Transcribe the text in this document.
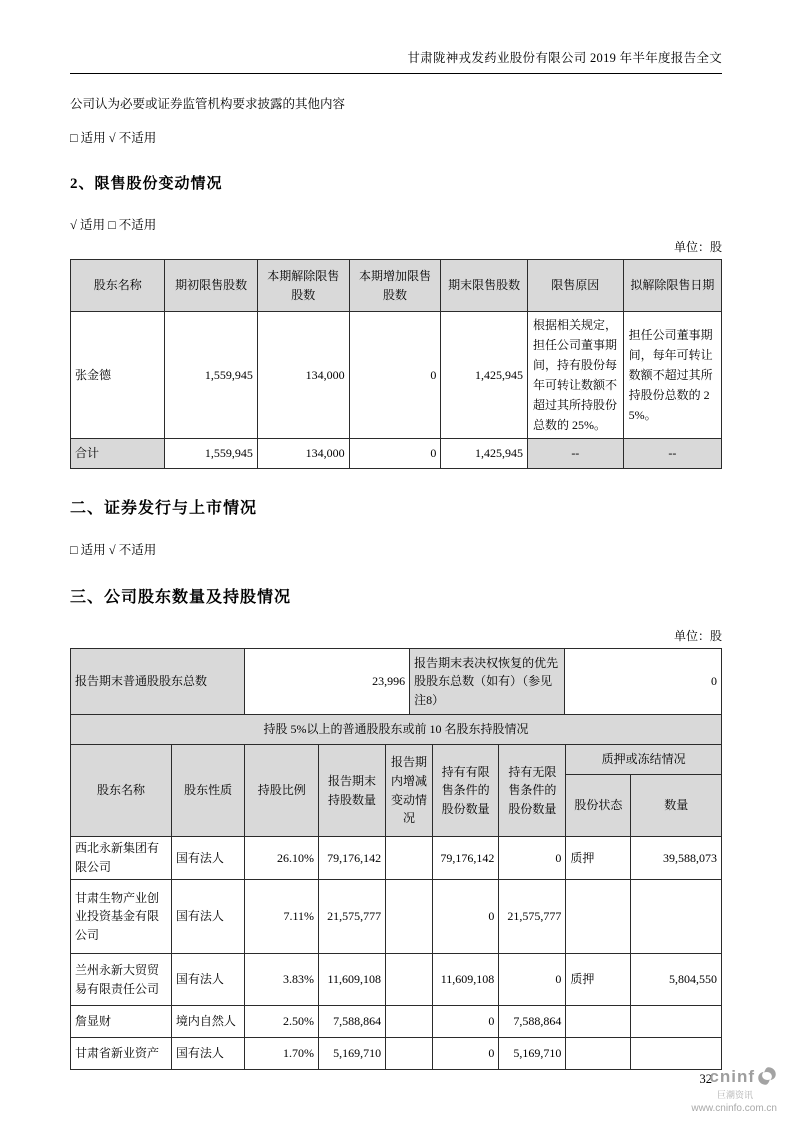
甘肃陇神戎发药业股份有限公司 2019 年半年度报告全文

公司认为必要或证券监管机构要求披露的其他内容

□ 适用 √ 不适用

2、限售股份变动情况

√ 适用 □ 不适用

单位：股
股东名称	期初限售股数	本期解除限售股数	本期增加限售股数	期末限售股数	限售原因	拟解除限售日期
张金德	1,559,945	134,000	0	1,425,945	根据相关规定，担任公司董事期间，持有股份每年可转让数额不超过其所持股份总数的 25%。	担任公司董事期间，每年可转让数额不超过其所持股份总数的 25%。
合计	1,559,945	134,000	0	1,425,945	--	--
二、证券发行与上市情况

□ 适用 √ 不适用

三、公司股东数量及持股情况
单位：股
报告期末普通股股东总数	23,996	报告期末表决权恢复的优先股股东总数（如有）（参见注8）	0
持股 5%以上的普通股股东或前 10 名股东持股情况								
股东名称	股东性质	持股比例	报告期末持股数量	报告期内增减变动情况	持有有限售条件的股份数量	持有无限售条件的股份数量	质押或冻结情况	
							股份状态	数量
西北永新集团有限公司	国有法人	26.10%	79,176,142		79,176,142	0	质押	39,588,073
甘肃生物产业创业投资基金有限公司	国有法人	7.11%	21,575,777		0	21,575,777		
兰州永新大贸贸易有限责任公司	国有法人	3.83%	11,609,108		11,609,108	0	质押	5,804,550
詹显财	境内自然人	2.50%	7,588,864		0	7,588,864		
甘肃省新业资产	国有法人	1.70%	5,169,710		0	5,169,710		
32
cninf
巨潮资讯
www.cninfo.com.cn
